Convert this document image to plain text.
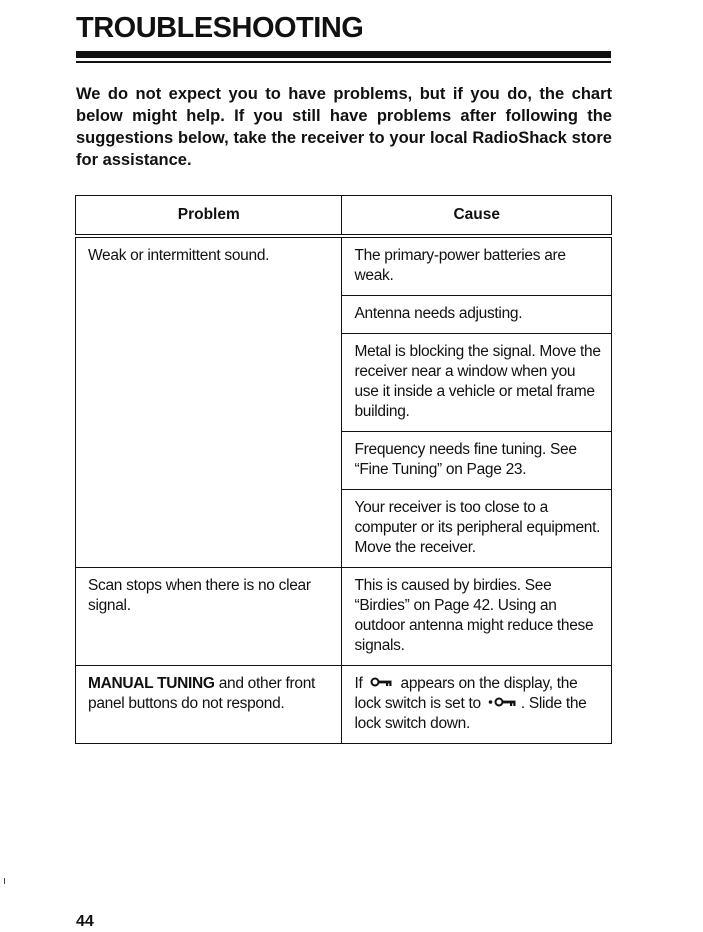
TROUBLESHOOTING

We do not expect you to have problems, but if you do, the chart below might help. If you still have problems after following the suggestions below, take the receiver to your local RadioShack store for assistance.

Problem	Cause
Weak or intermittent sound.	The primary-power batteries are weak.
	Antenna needs adjusting.
	Metal is blocking the signal. Move the receiver near a window when you use it inside a vehicle or metal frame building.
	Frequency needs fine tuning. See “Fine Tuning” on Page 23.
	Your receiver is too close to a computer or its peripheral equipment. Move the receiver.
Scan stops when there is no clear signal.	This is caused by birdies. See “Birdies” on Page 42. Using an outdoor antenna might reduce these signals.
MANUAL TUNING and other front panel buttons do not respond.	If  appears on the display, the lock switch is set to . Slide the lock switch down.
44
